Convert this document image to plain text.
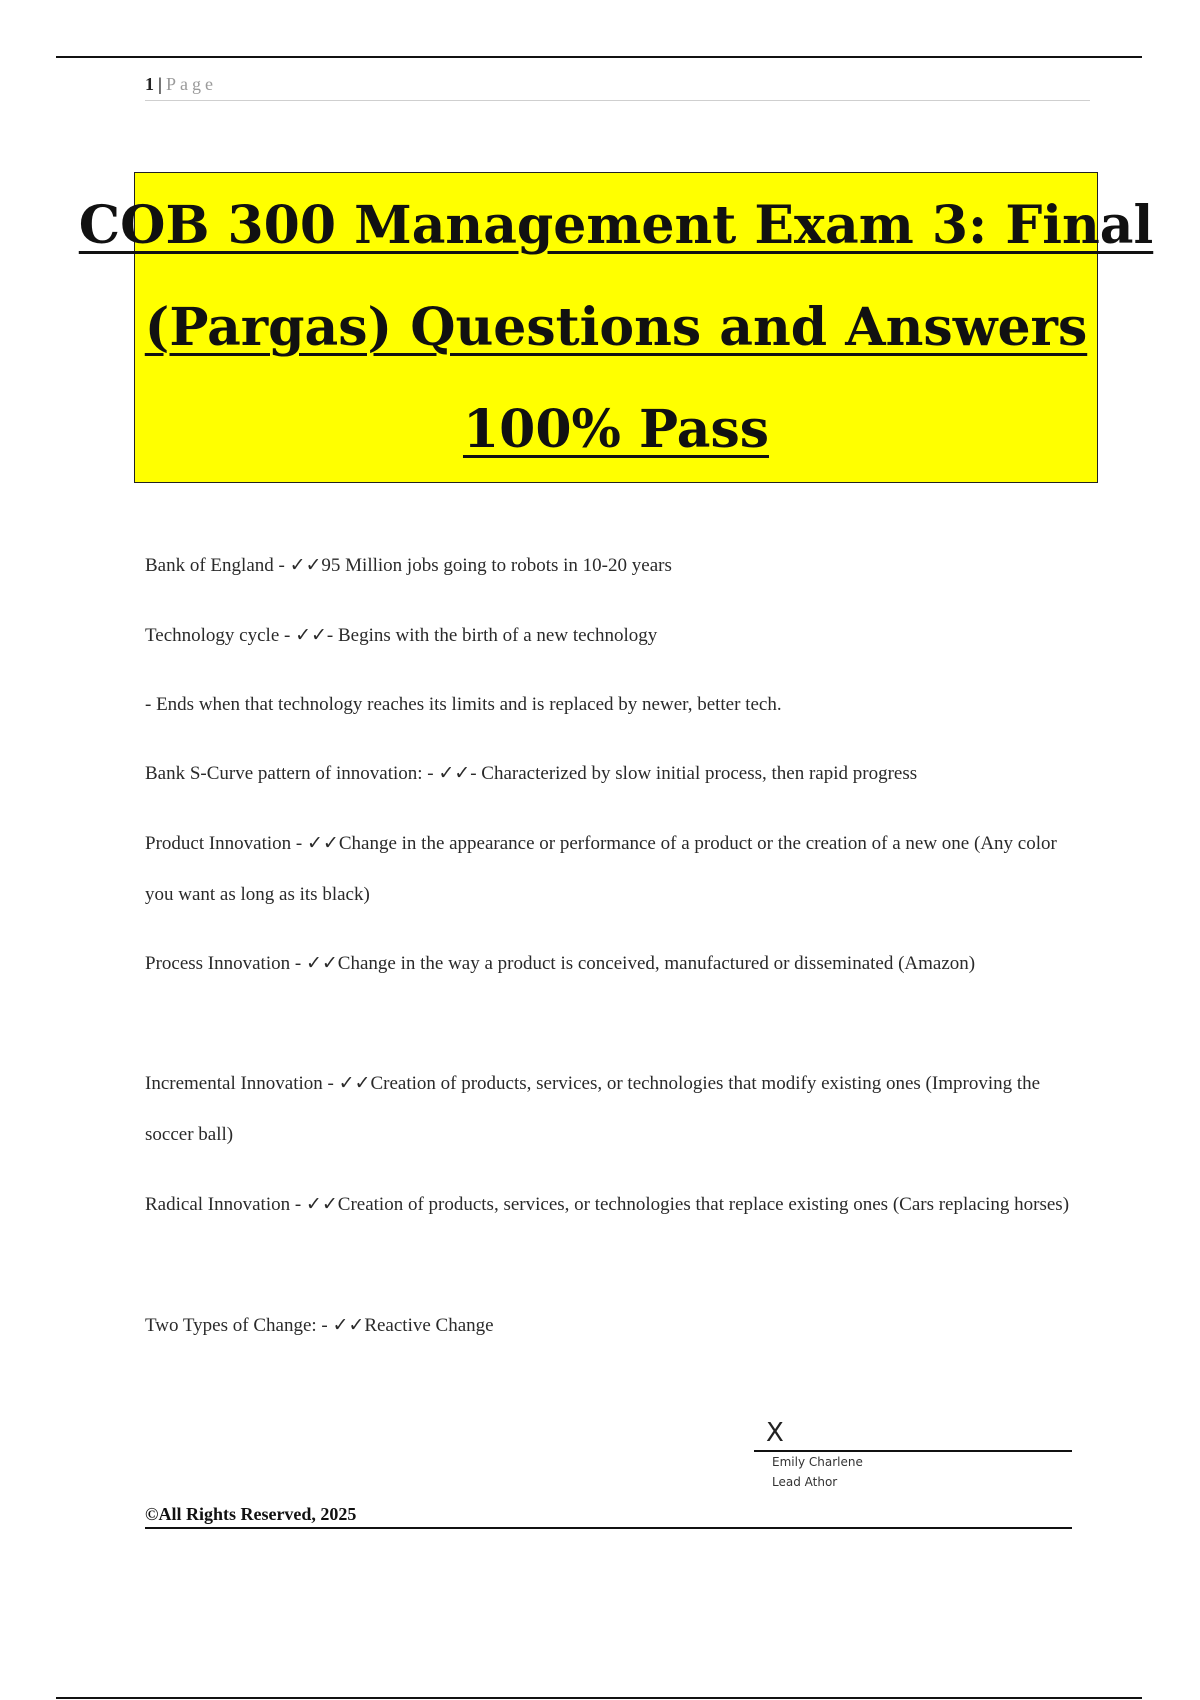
1 | Page
COB 300 Management Exam 3: Final
(Pargas) Questions and Answers
100% Pass
Bank of England - ✓✓95 Million jobs going to robots in 10-20 years
Technology cycle - ✓✓- Begins with the birth of a new technology
- Ends when that technology reaches its limits and is replaced by newer, better tech.
Bank S-Curve pattern of innovation: - ✓✓- Characterized by slow initial process, then rapid progress
Product Innovation - ✓✓Change in the appearance or performance of a product or the creation of a new one (Any color you want as long as its black)
Process Innovation - ✓✓Change in the way a product is conceived, manufactured or disseminated (Amazon)
Incremental Innovation - ✓✓Creation of products, services, or technologies that modify existing ones (Improving the soccer ball)
Radical Innovation - ✓✓Creation of products, services, or technologies that replace existing ones (Cars replacing horses)
Two Types of Change: - ✓✓Reactive Change
X
Emily Charlene
Lead Athor
©All Rights Reserved, 2025
